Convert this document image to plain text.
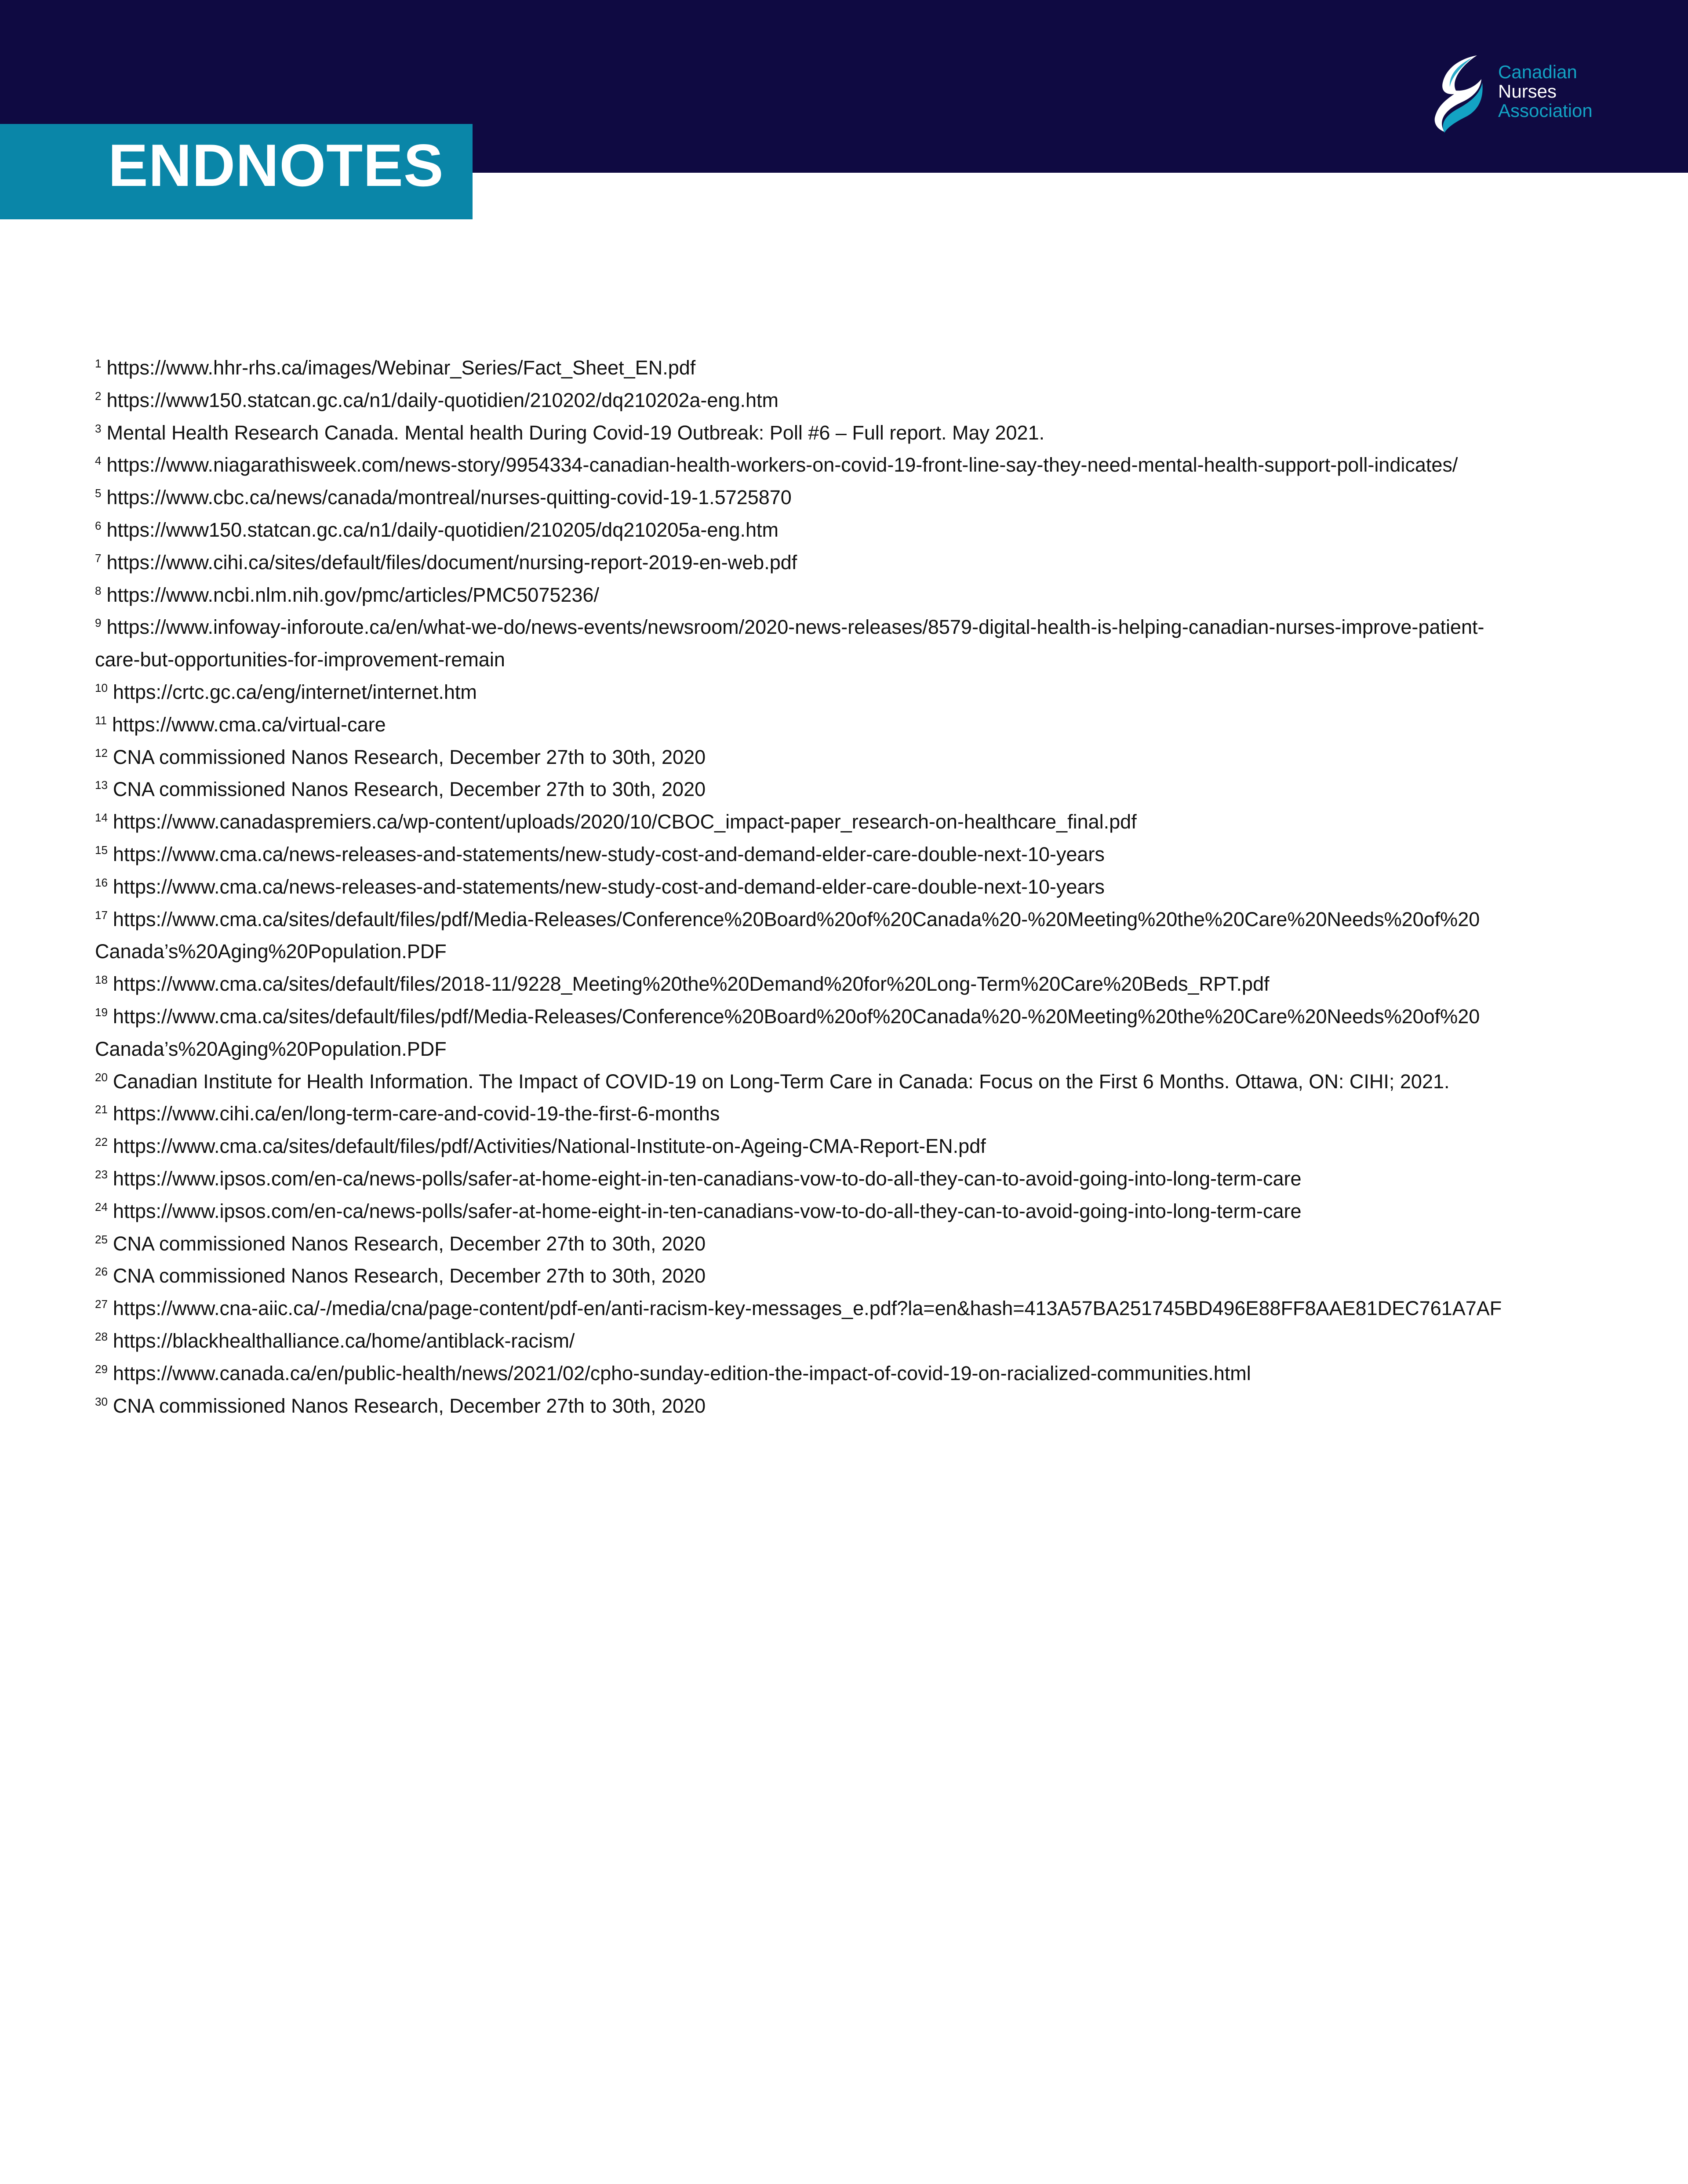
ENDNOTES
Canadian
Nurses
Association
$^1$ https://www.hhr-rhs.ca/images/Webinar_Series/Fact_Sheet_EN.pdf
$^2$ https://www150.statcan.gc.ca/n1/daily-quotidien/210202/dq210202a-eng.htm
$^3$ Mental Health Research Canada. Mental health During Covid-19 Outbreak: Poll #6 – Full report. May 2021.
$^4$ https://www.niagarathisweek.com/news-story/9954334-canadian-health-workers-on-covid-19-front-line-say-they-need-mental-health-support-poll-indicates/
$^5$ https://www.cbc.ca/news/canada/montreal/nurses-quitting-covid-19-1.5725870
$^6$ https://www150.statcan.gc.ca/n1/daily-quotidien/210205/dq210205a-eng.htm
$^7$ https://www.cihi.ca/sites/default/files/document/nursing-report-2019-en-web.pdf
$^8$ https://www.ncbi.nlm.nih.gov/pmc/articles/PMC5075236/
$^9$ https://www.infoway-inforoute.ca/en/what-we-do/news-events/newsroom/2020-news-releases/8579-digital-health-is-helping-canadian-nurses-improve-patient-
care-but-opportunities-for-improvement-remain
$^{10}$ https://crtc.gc.ca/eng/internet/internet.htm
$^{11}$ https://www.cma.ca/virtual-care
$^{12}$ CNA commissioned Nanos Research, December 27th to 30th, 2020
$^{13}$ CNA commissioned Nanos Research, December 27th to 30th, 2020
$^{14}$ https://www.canadaspremiers.ca/wp-content/uploads/2020/10/CBOC_impact-paper_research-on-healthcare_final.pdf
$^{15}$ https://www.cma.ca/news-releases-and-statements/new-study-cost-and-demand-elder-care-double-next-10-years
$^{16}$ https://www.cma.ca/news-releases-and-statements/new-study-cost-and-demand-elder-care-double-next-10-years
$^{17}$ https://www.cma.ca/sites/default/files/pdf/Media-Releases/Conference%20Board%20of%20Canada%20-%20Meeting%20the%20Care%20Needs%20of%20
Canada’s%20Aging%20Population.PDF
$^{18}$ https://www.cma.ca/sites/default/files/2018-11/9228_Meeting%20the%20Demand%20for%20Long-Term%20Care%20Beds_RPT.pdf
$^{19}$ https://www.cma.ca/sites/default/files/pdf/Media-Releases/Conference%20Board%20of%20Canada%20-%20Meeting%20the%20Care%20Needs%20of%20
Canada’s%20Aging%20Population.PDF
$^{20}$ Canadian Institute for Health Information. The Impact of COVID-19 on Long-Term Care in Canada: Focus on the First 6 Months. Ottawa, ON: CIHI; 2021.
$^{21}$ https://www.cihi.ca/en/long-term-care-and-covid-19-the-first-6-months
$^{22}$ https://www.cma.ca/sites/default/files/pdf/Activities/National-Institute-on-Ageing-CMA-Report-EN.pdf
$^{23}$ https://www.ipsos.com/en-ca/news-polls/safer-at-home-eight-in-ten-canadians-vow-to-do-all-they-can-to-avoid-going-into-long-term-care
$^{24}$ https://www.ipsos.com/en-ca/news-polls/safer-at-home-eight-in-ten-canadians-vow-to-do-all-they-can-to-avoid-going-into-long-term-care
$^{25}$ CNA commissioned Nanos Research, December 27th to 30th, 2020
$^{26}$ CNA commissioned Nanos Research, December 27th to 30th, 2020
$^{27}$ https://www.cna-aiic.ca/-/media/cna/page-content/pdf-en/anti-racism-key-messages_e.pdf?la=en&hash=413A57BA251745BD496E88FF8AAE81DEC761A7AF
$^{28}$ https://blackhealthalliance.ca/home/antiblack-racism/
$^{29}$ https://www.canada.ca/en/public-health/news/2021/02/cpho-sunday-edition-the-impact-of-covid-19-on-racialized-communities.html
$^{30}$ CNA commissioned Nanos Research, December 27th to 30th, 2020
